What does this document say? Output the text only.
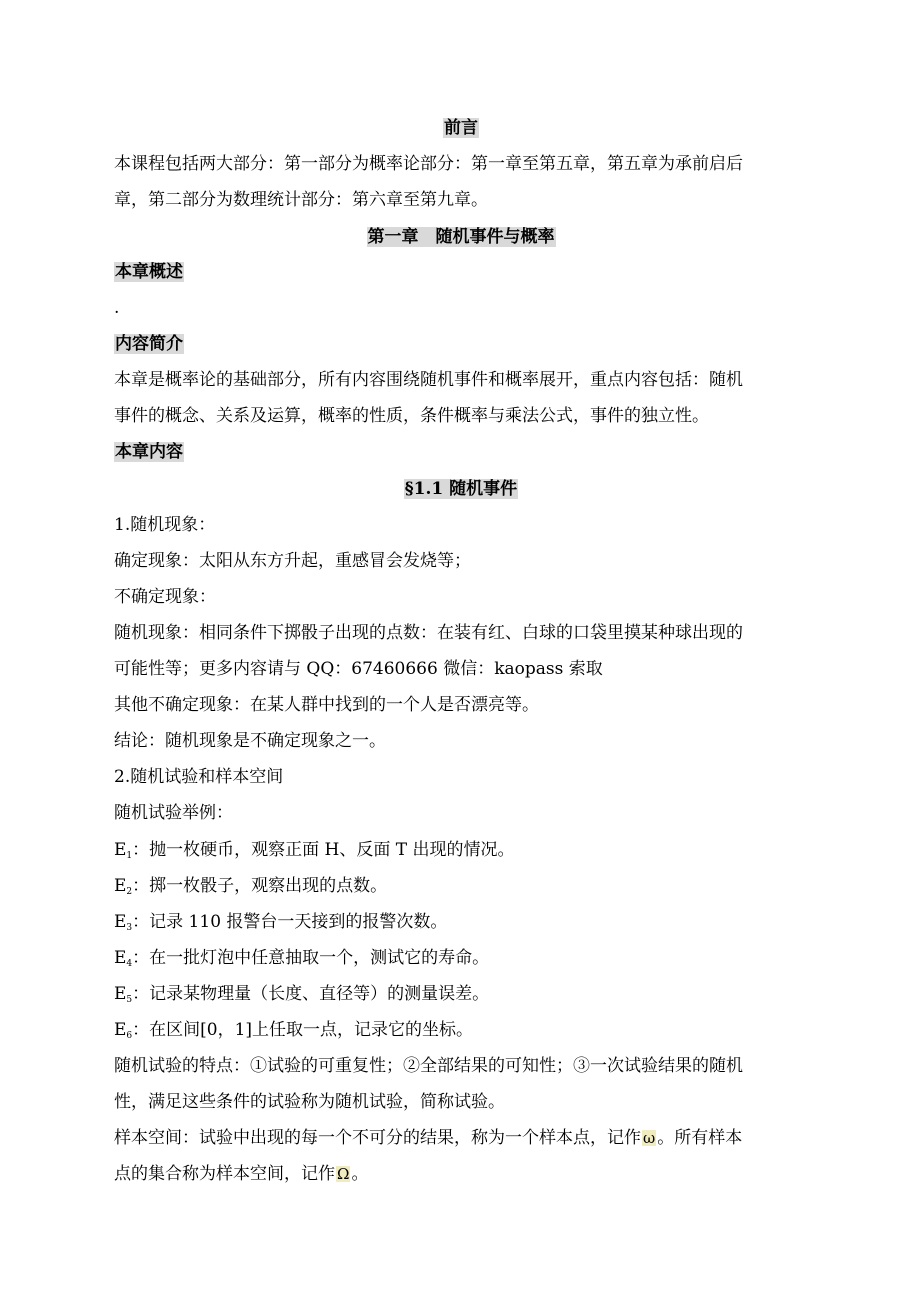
前言
本课程包括两大部分：第一部分为概率论部分：第一章至第五章，第五章为承前启后
章，第二部分为数理统计部分：第六章至第九章。
第一章　随机事件与概率
本章概述
.
内容简介
本章是概率论的基础部分，所有内容围绕随机事件和概率展开，重点内容包括：随机
事件的概念、关系及运算，概率的性质，条件概率与乘法公式，事件的独立性。
本章内容
§1.1 随机事件
1.随机现象：
确定现象：太阳从东方升起，重感冒会发烧等；
不确定现象：
随机现象：相同条件下掷骰子出现的点数：在装有红、白球的口袋里摸某种球出现的
可能性等；更多内容请与 QQ：67460666 微信：kaopass 索取
其他不确定现象：在某人群中找到的一个人是否漂亮等。
结论：随机现象是不确定现象之一。
2.随机试验和样本空间
随机试验举例：
E1：抛一枚硬币，观察正面 H、反面 T 出现的情况。
E2：掷一枚骰子，观察出现的点数。
E3：记录 110 报警台一天接到的报警次数。
E4：在一批灯泡中任意抽取一个，测试它的寿命。
E5：记录某物理量（长度、直径等）的测量误差。
E6：在区间[0，1]上任取一点，记录它的坐标。
随机试验的特点：①试验的可重复性；②全部结果的可知性；③一次试验结果的随机
性，满足这些条件的试验称为随机试验，简称试验。
样本空间：试验中出现的每一个不可分的结果，称为一个样本点，记作 ω 。所有样本
点的集合称为样本空间，记作 Ω 。
